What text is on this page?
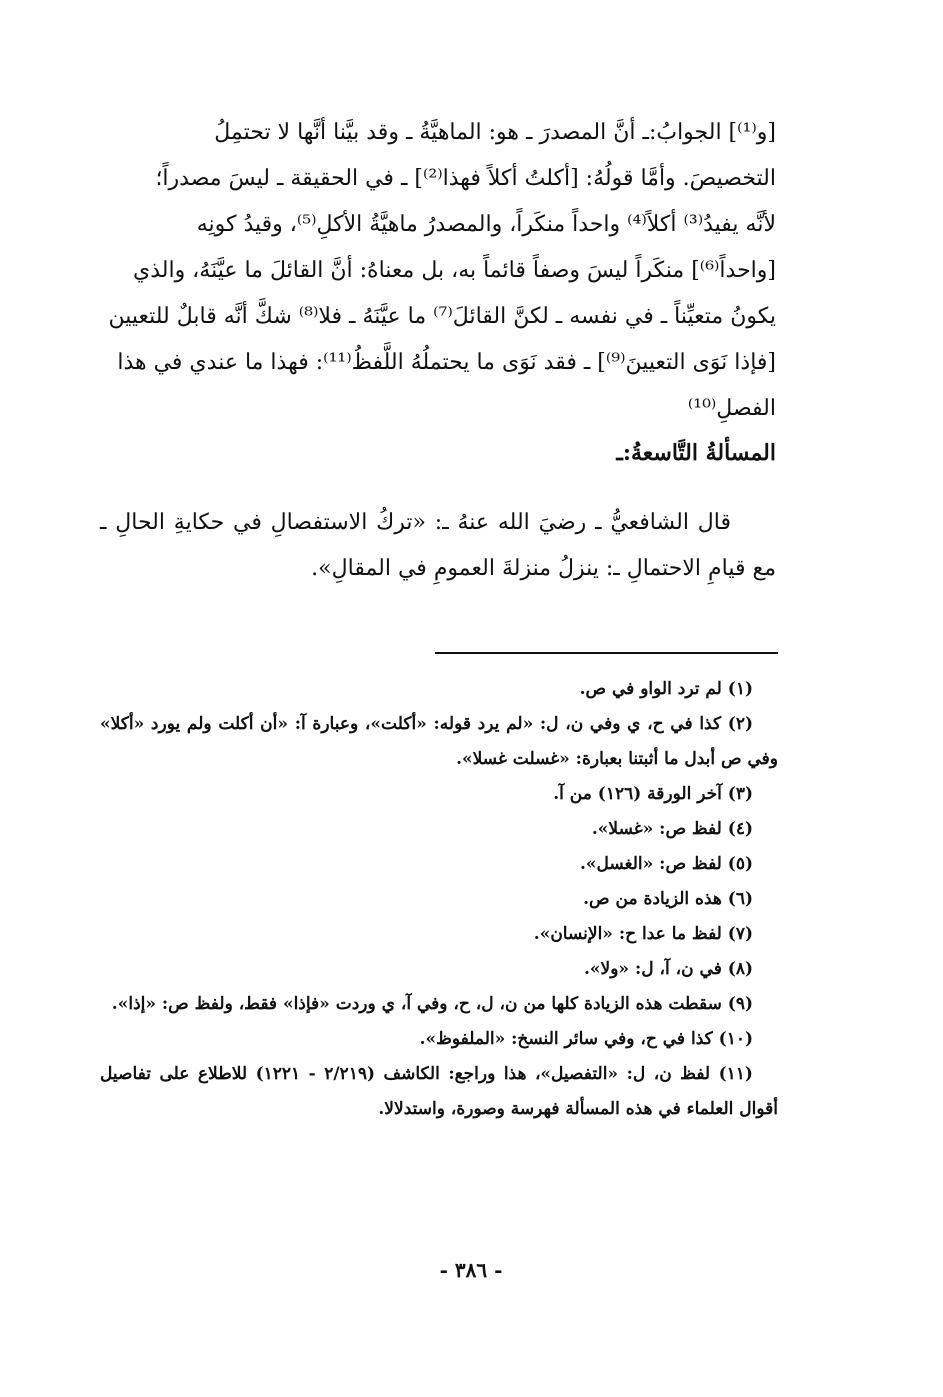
[و⁽¹⁾] الجوابُ:ـ أنَّ المصدرَ ـ هو: الماهيَّةُ ـ وقد بيَّنا أنَّها لا تحتمِلُ

التخصيصَ. وأمَّا قولُهُ: [أكلتُ أكلاً فهذا⁽²⁾] ـ في الحقيقة ـ ليسَ مصدراً؛

لأنَّه يفيدُ⁽³⁾ أكلاً⁽⁴⁾ واحداً منكَراً، والمصدرُ ماهيَّةُ الأكلِ⁽⁵⁾، وقيدُ كونِه

[واحداً⁽⁶⁾] منكَراً ليسَ وصفاً قائماً به، بل معناهُ: أنَّ القائلَ ما عيَّنَهُ، والذي

يكونُ متعيِّناً ـ في نفسه ـ لكنَّ القائلَ⁽⁷⁾ ما عيَّنَهُ ـ فلا⁽⁸⁾ شكَّ أنَّه قابلٌ للتعيين

[فإذا نَوَى التعيينَ⁽⁹⁾] ـ فقد نَوَى ما يحتملُهُ اللَّفظُ⁽¹¹⁾: فهذا ما عندي في هذا

الفصلِ⁽¹⁰⁾

المسألةُ التَّاسعةُ:ـ

قال الشافعيُّ ـ رضيَ الله عنهُ ـ: «تركُ الاستفصالِ في حكايةِ الحالِ ـ مع قيامِ الاحتمالِ ـ: ينزلُ منزلةَ العمومِ في المقالِ».

(١) لم ترد الواو في ص.

(٢) كذا في ح، ي وفي ن، ل: «لم يرد قوله: «أكلت»، وعبارة آ: «أن أكلت ولم يورد «أكلا» وفي ص أبدل ما أثبتنا بعبارة: «غسلت غسلا».

(٣) آخر الورقة (١٢٦) من آ.

(٤) لفظ ص: «غسلا».

(٥) لفظ ص: «الغسل».

(٦) هذه الزيادة من ص.

(٧) لفظ ما عدا ح: «الإنسان».

(٨) في ن، آ، ل: «ولا».

(٩) سقطت هذه الزيادة كلها من ن، ل، ح، وفي آ، ي وردت «فإذا» فقط، ولفظ ص: «إذا».

(١٠) كذا في ح، وفي سائر النسخ: «الملفوظ».

(١١) لفظ ن، ل: «التفصيل»، هذا وراجع: الكاشف (٢/٢١٩ - ١٢٢١) للاطلاع على تفاصيل أقوال العلماء في هذه المسألة فهرسة وصورة، واستدلالا.

- ٣٨٦ -
